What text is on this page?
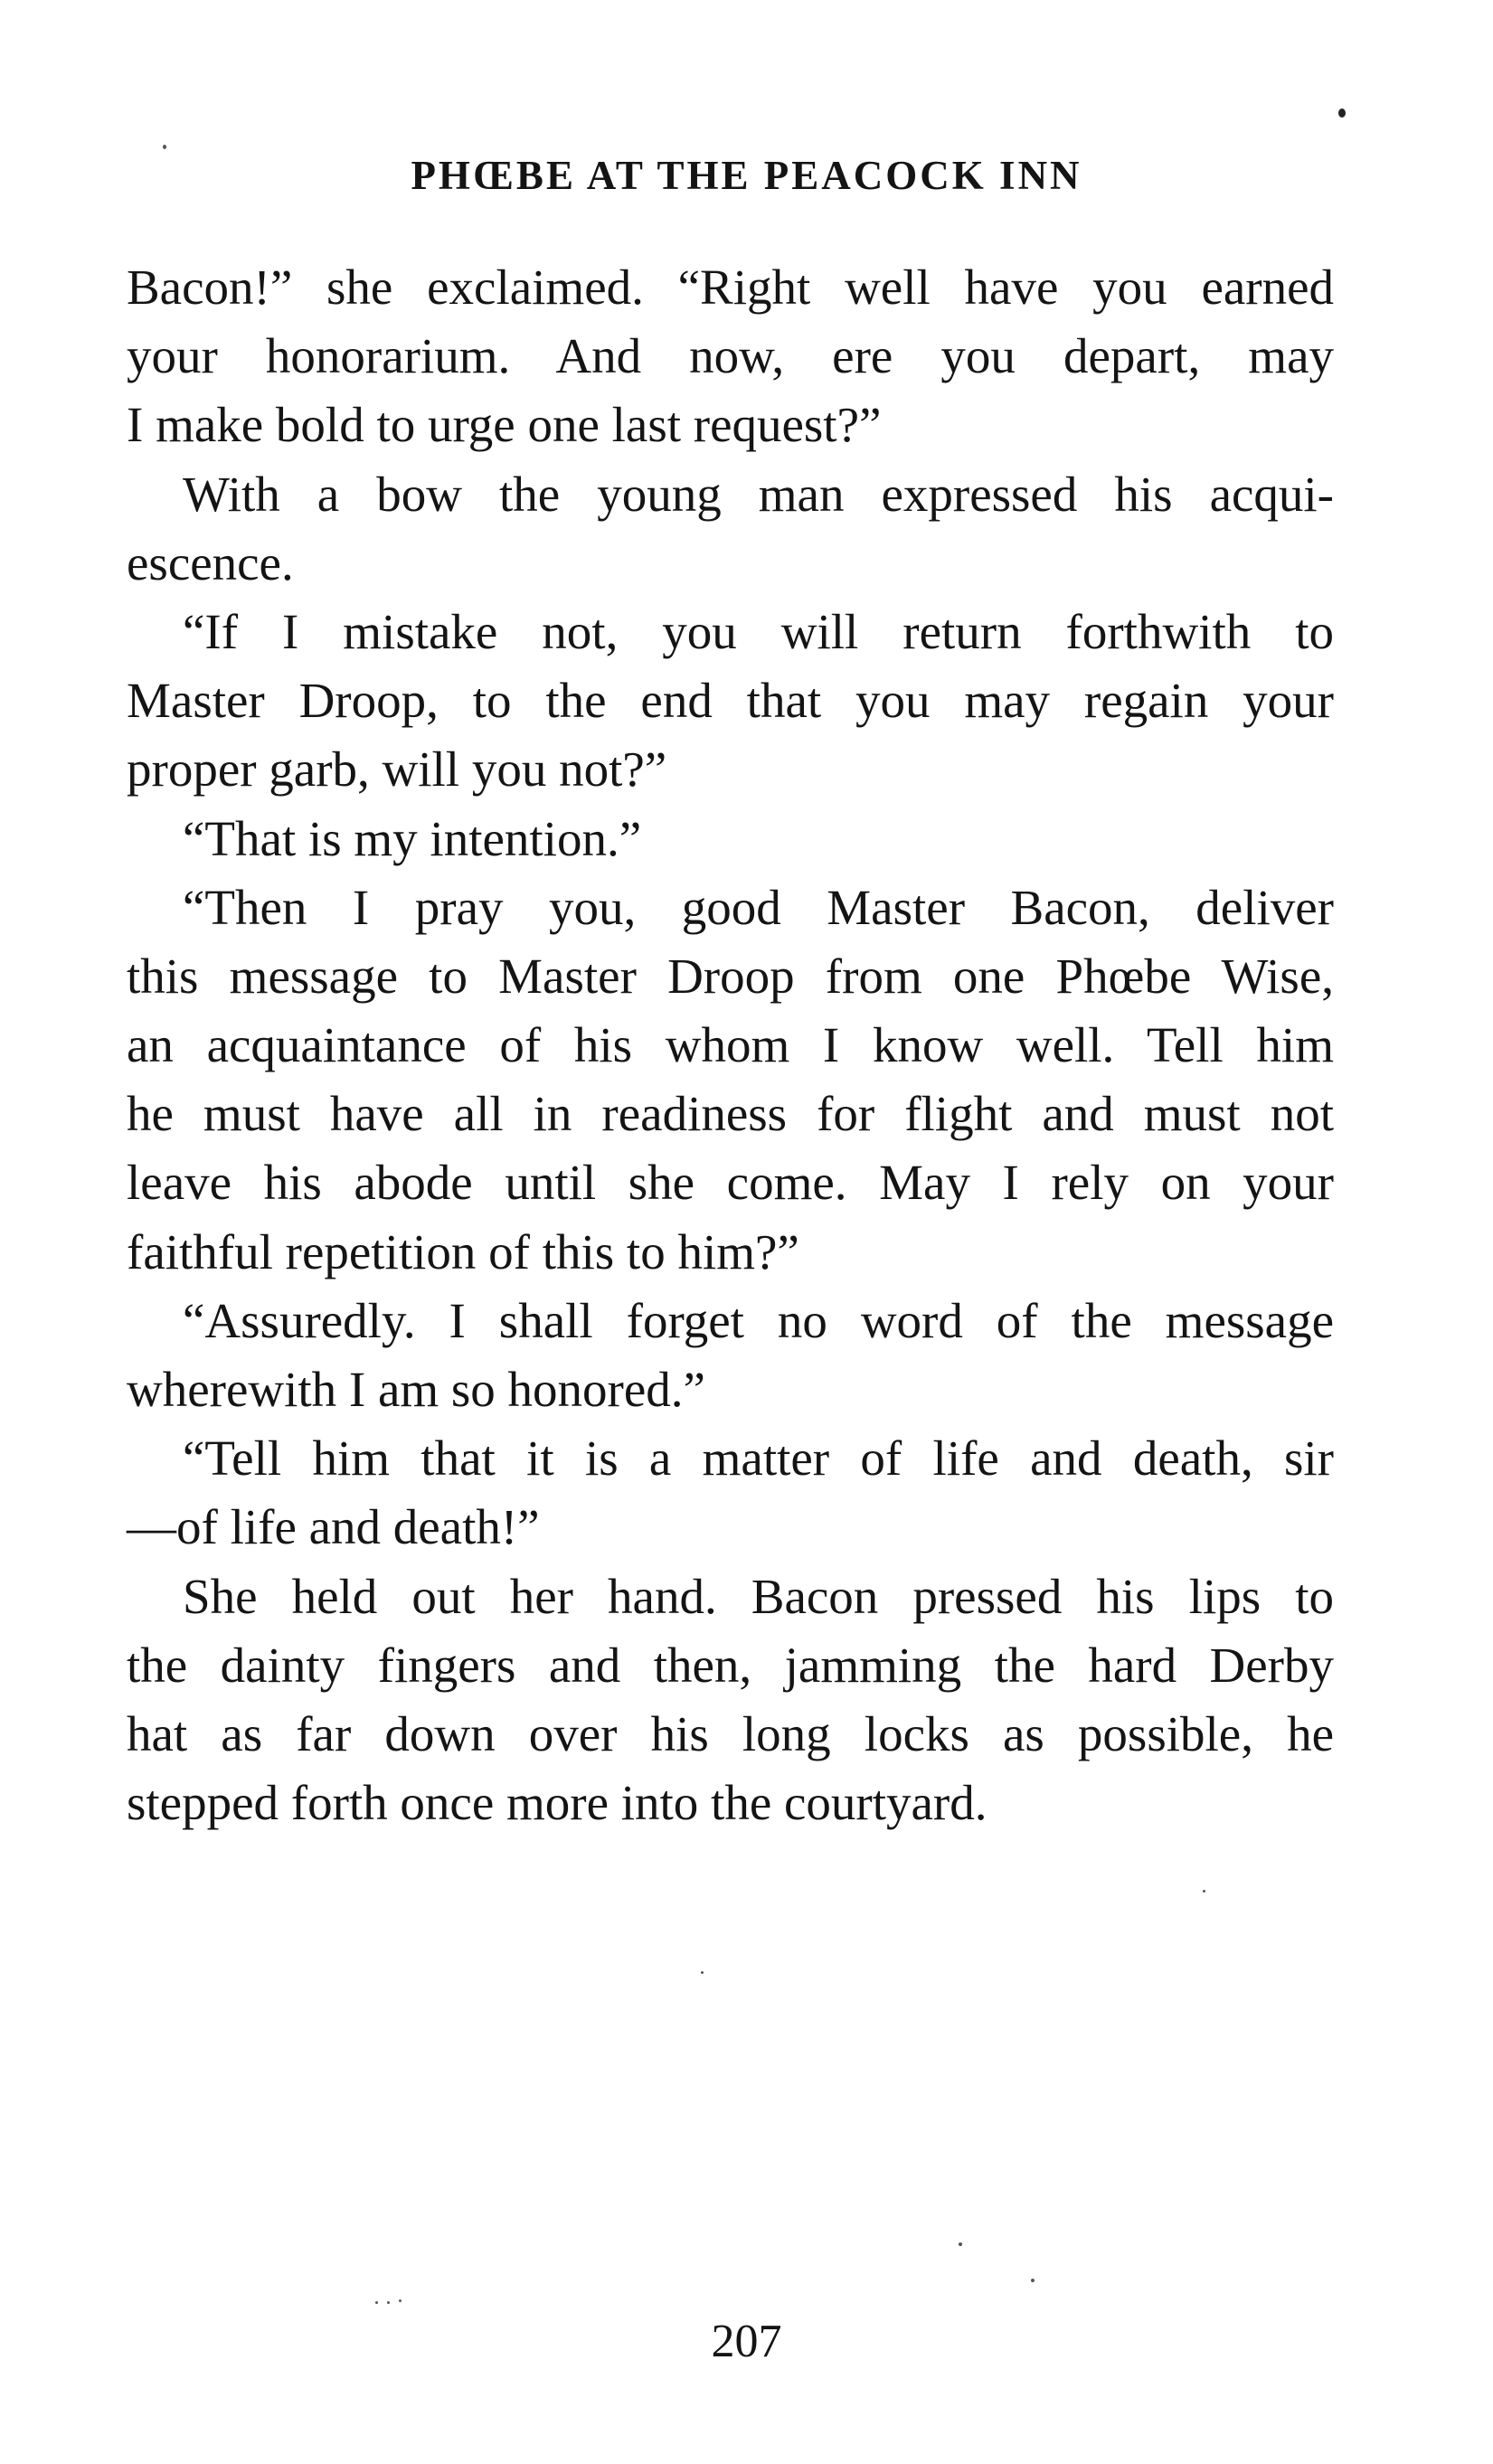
PHŒBE AT THE PEACOCK INN
Bacon!” she exclaimed. “Right well have you earned
your honorarium. And now, ere you depart, may
I make bold to urge one last request?”
With a bow the young man expressed his acqui-
escence.
“If I mistake not, you will return forthwith to
Master Droop, to the end that you may regain your
proper garb, will you not?”
“That is my intention.”
“Then I pray you, good Master Bacon, deliver
this message to Master Droop from one Phœbe Wise,
an acquaintance of his whom I know well. Tell him
he must have all in readiness for flight and must not
leave his abode until she come. May I rely on your
faithful repetition of this to him?”
“Assuredly. I shall forget no word of the message
wherewith I am so honored.”
“Tell him that it is a matter of life and death, sir
—of life and death!”
She held out her hand. Bacon pressed his lips to
the dainty fingers and then, jamming the hard Derby
hat as far down over his long locks as possible, he
stepped forth once more into the courtyard.
207
